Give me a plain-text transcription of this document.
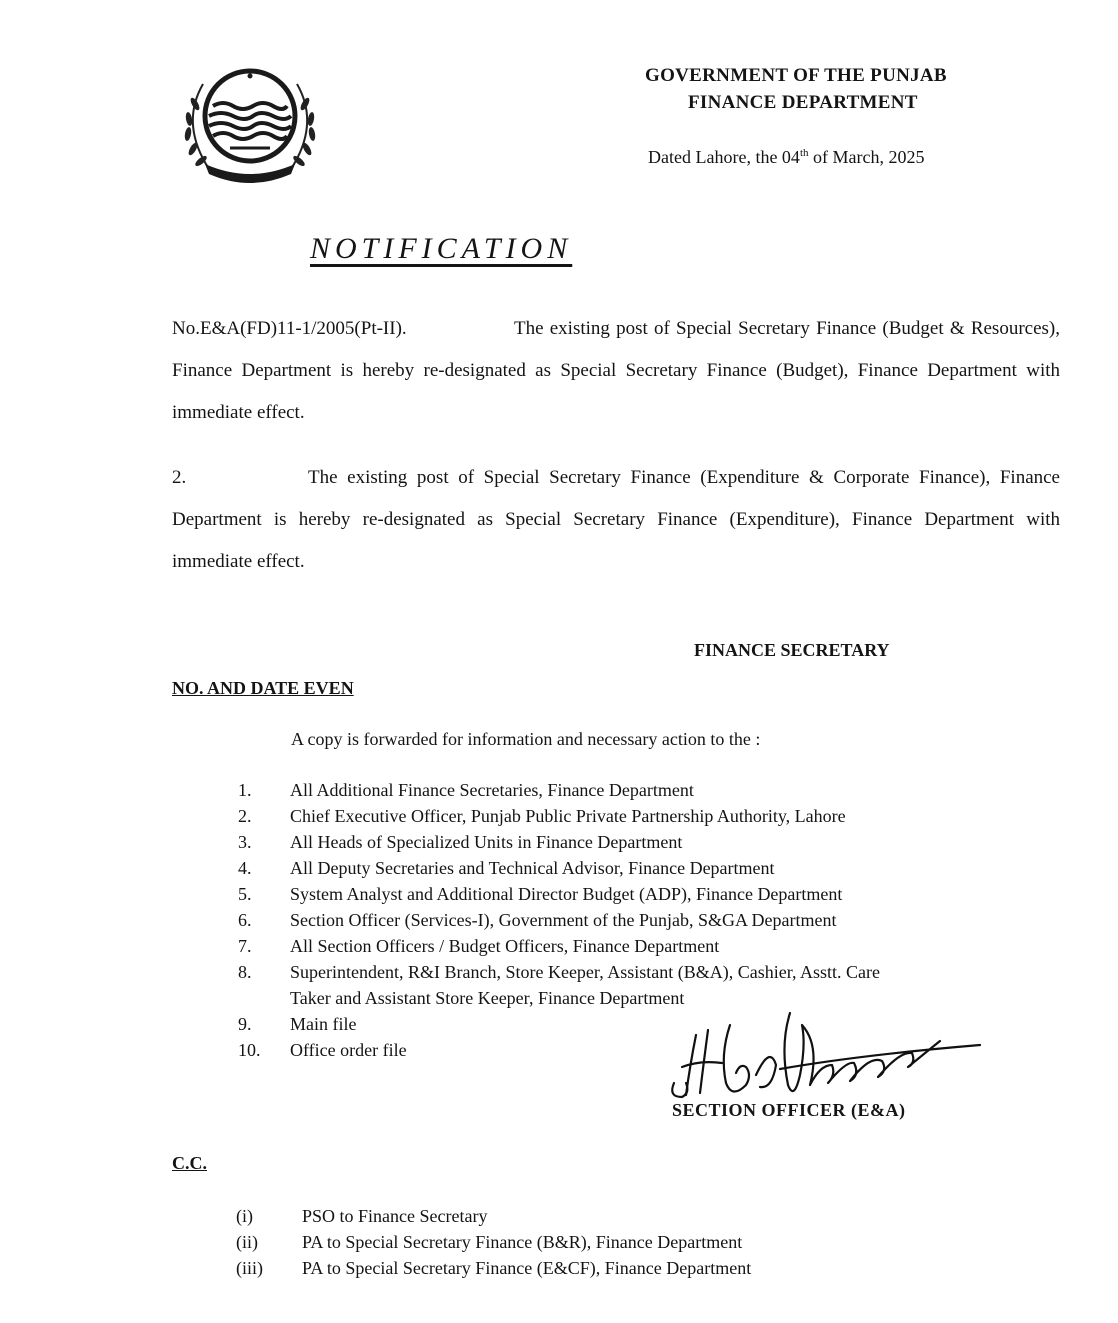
GOVERNMENT OF THE PUNJAB
FINANCE DEPARTMENT
Dated Lahore, the 04th of March, 2025
NOTIFICATION
No.E&A(FD)11-1/2005(Pt-II).	The existing post of Special Secretary Finance (Budget & Resources), Finance Department is hereby re-designated as Special Secretary Finance (Budget), Finance Department with immediate effect.
2.	The existing post of Special Secretary Finance (Expenditure & Corporate Finance), Finance Department is hereby re-designated as Special Secretary Finance (Expenditure), Finance Department with immediate effect.
FINANCE SECRETARY
NO. AND DATE EVEN
A copy is forwarded for information and necessary action to the :
1. All Additional Finance Secretaries, Finance Department
2. Chief Executive Officer, Punjab Public Private Partnership Authority, Lahore
3. All Heads of Specialized Units in Finance Department
4. All Deputy Secretaries and Technical Advisor, Finance Department
5. System Analyst and Additional Director Budget (ADP), Finance Department
6. Section Officer (Services-I), Government of the Punjab, S&GA Department
7. All Section Officers / Budget Officers, Finance Department
8. Superintendent, R&I Branch, Store Keeper, Assistant (B&A), Cashier, Asstt. Care
Taker and Assistant Store Keeper, Finance Department
9. Main file
10. Office order file
SECTION OFFICER (E&A)
C.C.
(i)	PSO to Finance Secretary
(ii) PA to Special Secretary Finance (B&R), Finance Department
(iii) PA to Special Secretary Finance (E&CF), Finance Department
